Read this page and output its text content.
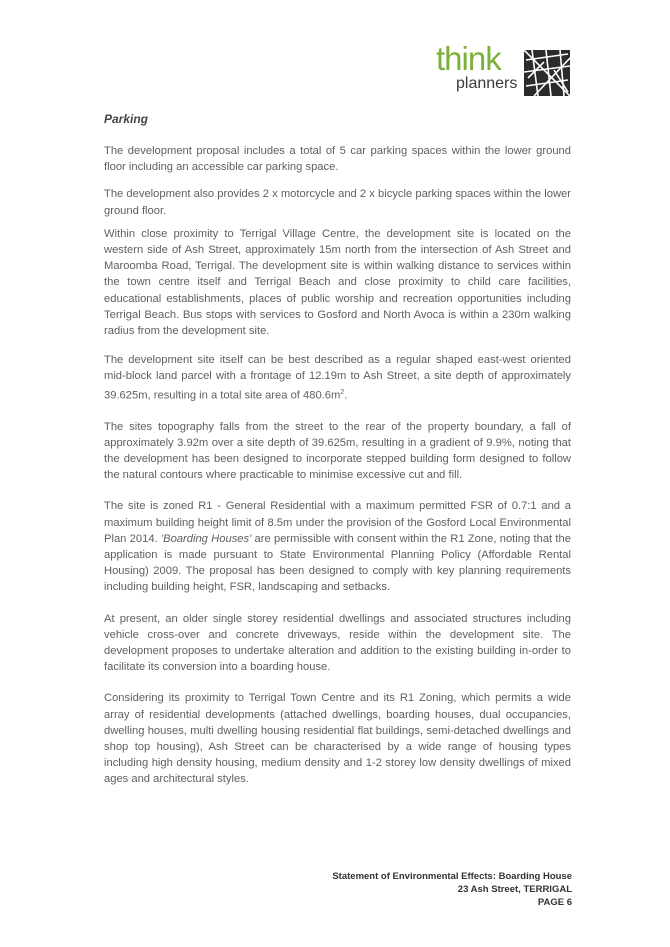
think
planners

Parking

The development proposal includes a total of 5 car parking spaces within the lower ground floor including an accessible car parking space.

The development also provides 2 x motorcycle and 2 x bicycle parking spaces within the lower ground floor.

Within close proximity to Terrigal Village Centre, the development site is located on the western side of Ash Street, approximately 15m north from the intersection of Ash Street and Maroomba Road, Terrigal. The development site is within walking distance to services within the town centre itself and Terrigal Beach and close proximity to child care facilities, educational establishments, places of public worship and recreation opportunities including Terrigal Beach. Bus stops with services to Gosford and North Avoca is within a 230m walking radius from the development site.

The development site itself can be best described as a regular shaped east-west oriented mid-block land parcel with a frontage of 12.19m to Ash Street, a site depth of approximately 39.625m, resulting in a total site area of $480.6m^2$.

The sites topography falls from the street to the rear of the property boundary, a fall of approximately 3.92m over a site depth of 39.625m, resulting in a gradient of 9.9%, noting that the development has been designed to incorporate stepped building form designed to follow the natural contours where practicable to minimise excessive cut and fill.

The site is zoned R1 - General Residential with a maximum permitted FSR of 0.7:1 and a maximum building height limit of 8.5m under the provision of the Gosford Local Environmental Plan 2014. 'Boarding Houses' are permissible with consent within the R1 Zone, noting that the application is made pursuant to State Environmental Planning Policy (Affordable Rental Housing) 2009. The proposal has been designed to comply with key planning requirements including building height, FSR, landscaping and setbacks.

At present, an older single storey residential dwellings and associated structures including vehicle cross-over and concrete driveways, reside within the development site. The development proposes to undertake alteration and addition to the existing building in-order to facilitate its conversion into a boarding house.

Considering its proximity to Terrigal Town Centre and its R1 Zoning, which permits a wide array of residential developments (attached dwellings, boarding houses, dual occupancies, dwelling houses, multi dwelling housing residential flat buildings, semi-detached dwellings and shop top housing), Ash Street can be characterised by a wide range of housing types including high density housing, medium density and 1-2 storey low density dwellings of mixed ages and architectural styles.

Statement of Environmental Effects: Boarding House
23 Ash Street, TERRIGAL
PAGE 6
